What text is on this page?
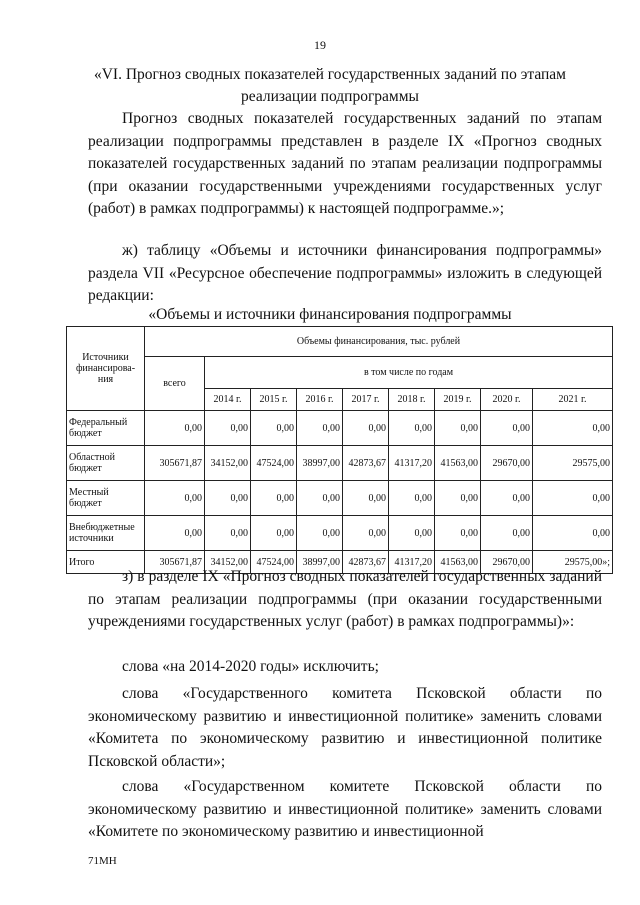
19
«VI. Прогноз сводных показателей государственных заданий по этапам
реализации подпрограммы
Прогноз сводных показателей государственных заданий по этапам реализации подпрограммы представлен в разделе IX «Прогноз сводных показателей государственных заданий по этапам реализации подпрограммы (при оказании государственными учреждениями государственных услуг (работ) в рамках подпрограммы) к настоящей подпрограмме.»;
ж) таблицу «Объемы и источники финансирования подпрограммы» раздела VII «Ресурсное обеспечение подпрограммы» изложить в следующей редакции:
«Объемы и источники финансирования подпрограммы
Источники финансирова-ния	Объемы финансирования, тыс. рублей								
	всего	в том числе по годам							
		2014 г.	2015 г.	2016 г.	2017 г.	2018 г.	2019 г.	2020 г.	2021 г.
Федеральный бюджет	0,00	0,00	0,00	0,00	0,00	0,00	0,00	0,00	0,00
Областной бюджет	305671,87	34152,00	47524,00	38997,00	42873,67	41317,20	41563,00	29670,00	29575,00
Местный бюджет	0,00	0,00	0,00	0,00	0,00	0,00	0,00	0,00	0,00
Внебюджетные источники	0,00	0,00	0,00	0,00	0,00	0,00	0,00	0,00	0,00
Итого	305671,87	34152,00	47524,00	38997,00	42873,67	41317,20	41563,00	29670,00	29575,00»;
з) в разделе IX «Прогноз сводных показателей государственных заданий по этапам реализации подпрограммы (при оказании государственными учреждениями государственных услуг (работ) в рамках подпрограммы)»:
слова «на 2014-2020 годы» исключить;
слова «Государственного комитета Псковской области по экономическому развитию и инвестиционной политике» заменить словами «Комитета по экономическому развитию и инвестиционной политике Псковской области»;
слова «Государственном комитете Псковской области по экономическому развитию и инвестиционной политике» заменить словами «Комитете по экономическому развитию и инвестиционной
71МН
